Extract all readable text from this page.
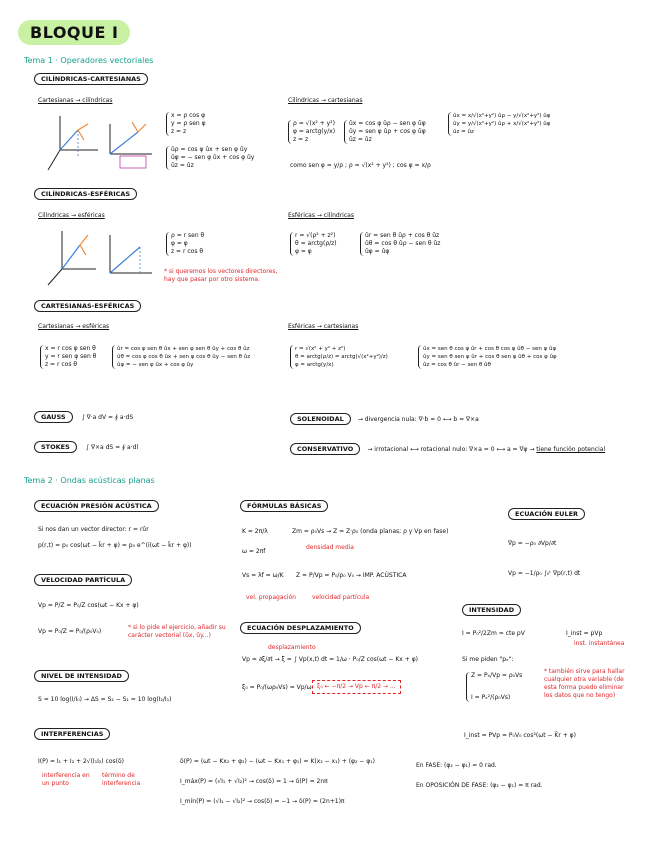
BLOQUE I
Tema 1 · Operadores vectoriales
CILÍNDRICAS-CARTESIANAS
Cartesianas → cilíndricas
x = ρ cos φ
y = ρ sen φ
z = z
ûρ = cos φ ûx + sen φ ûy
ûφ = − sen φ ûx + cos φ ûy
ûz = ûz
Cilíndricas → cartesianas
ρ = √(x² + y²)
φ = arctg(y/x)
z = z
ûx = cos φ ûρ − sen φ ûφ
ûy = sen φ ûρ + cos φ ûφ
ûz = ûz
ûx = x/√(x²+y²) ûρ − y/√(x²+y²) ûφ
ûy = y/√(x²+y²) ûρ + x/√(x²+y²) ûφ
ûz = ûz
como sen φ = y/ρ ; ρ = √(x² + y²) ; cos φ = x/ρ
CILÍNDRICAS-ESFÉRICAS
Cilíndricas → esféricas
ρ = r sen θ
φ = φ
z = r cos θ
* si queremos los vectores directores, hay que pasar por otro sistema.
Esféricas → cilíndricas
r = √(ρ² + z²)
θ = arctg(ρ/z)
φ = φ
ûr = sen θ ûρ + cos θ ûz
ûθ = cos θ ûρ − sen θ ûz
ûφ = ûφ
CARTESIANAS-ESFÉRICAS
Cartesianas → esféricas
x = r cos φ sen θ
y = r sen φ sen θ
z = r cos θ
ûr = cos φ sen θ ûx + sen φ sen θ ûy + cos θ ûz
ûθ = cos φ cos θ ûx + sen φ cos θ ûy − sen θ ûz
ûφ = − sen φ ûx + cos φ ûy
Esféricas → cartesianas
r = √(x² + y² + z²)
θ = arctg(ρ/z) = arctg(√(x²+y²)/z)
φ = arctg(y/x)
ûx = sen θ cos φ ûr + cos θ cos φ ûθ − sen φ ûφ
ûy = sen θ sen φ ûr + cos θ sen φ ûθ + cos φ ûφ
ûz = cos θ ûr − sen θ ûθ
GAUSS	∫ ∇·a dV = ∮ a·dS
STOKES	∫ ∇×a dS = ∮ a·dl
SOLENOIDAL → divergencia nula: ∇·b = 0 ⟷ b = ∇×a
CONSERVATIVO → irrotacional ⟷ rotacional nulo: ∇×a = 0 ⟷ a = ∇φ → tiene función potencial
Tema 2 · Ondas acústicas planas
ECUACIÓN PRESIÓN ACÚSTICA
Si nos dan un vector director: r = rûr
p(r,t) = p₀ cos(ωt − k̄r + φ) = p₀ e^(i(ωt − k̄r + φ))
VELOCIDAD PARTÍCULA
Vp = P/Z = P₀/Z cos(ωt − Kx + φ)
Vp = P₀/Z = P₀/(ρ₀V₀)
* si lo pide el ejercicio, añadir su carácter vectorial (ûx, ûy...)
NIVEL DE INTENSIDAD
S = 10 log(I/I₀) → ΔS = S₂ − S₁ = 10 log(I₂/I₁)
FÓRMULAS BÁSICAS
K = 2π/λ
ω = 2πf
Zm = ρ₀Vs → Z = Z·ρ₀ (onda planas; ρ y Vp en fase)
densidad media
Vs = λf = ω/K Z = P/Vp = P₀/ρ₀ V₀ → IMP. ACÚSTICA
vel. propagación	velocidad partícula
ECUACIÓN DESPLAZAMIENTO
Vp = ∂ξ/∂t → ξ = ∫ Vp(x,t) dt = 1/ω · P₀/Z cos(ωt − Kx + φ)
desplazamiento
ξ₀ = P₀/(ωρ₀Vs) = Vp/ω ξ₀ ← −π/2 → Vp ← π/2 → ...
ECUACIÓN EULER
∇p = −ρ₀ ∂Vp/∂t
Vp = −1/ρ₀ ∫₀ᵗ ∇p(r,t) dt
INTENSIDAD
I = P₀²/2Zm = cte pV	I_inst = pVp
inst. instantánea
Si me piden "pₑ":
Z = Pₑ/Vp = ρ₀Vs
I = Pₑ²/(ρ₀Vs)
* también sirve para hallar cualquier otra variable (de esta forma puedo eliminar los datos que no tengo)
I_inst = PVp = P₀V₀ cos²(ωt − K̄r + φ)
INTERFERENCIAS
I(P) = I₁ + I₂ + 2√(I₁I₂) cos(δ)
interferencia en un punto
término de interferencia
δ(P) = (ωt − Kx₂ + φ₂) − (ωt − Kx₁ + φ₁) = K(x₂ − x₁) + (φ₂ − φ₁)
I_máx(P) = (√I₁ + √I₂)² → cos(δ) = 1 → δ(P) = 2nπ
I_mín(P) = (√I₁ − √I₂)² → cos(δ) = −1 → δ(P) = (2n+1)π
En FASE: (φ₂ − φ₁) = 0 rad.
En OPOSICIÓN DE FASE: (φ₂ − φ₁) = π rad.
